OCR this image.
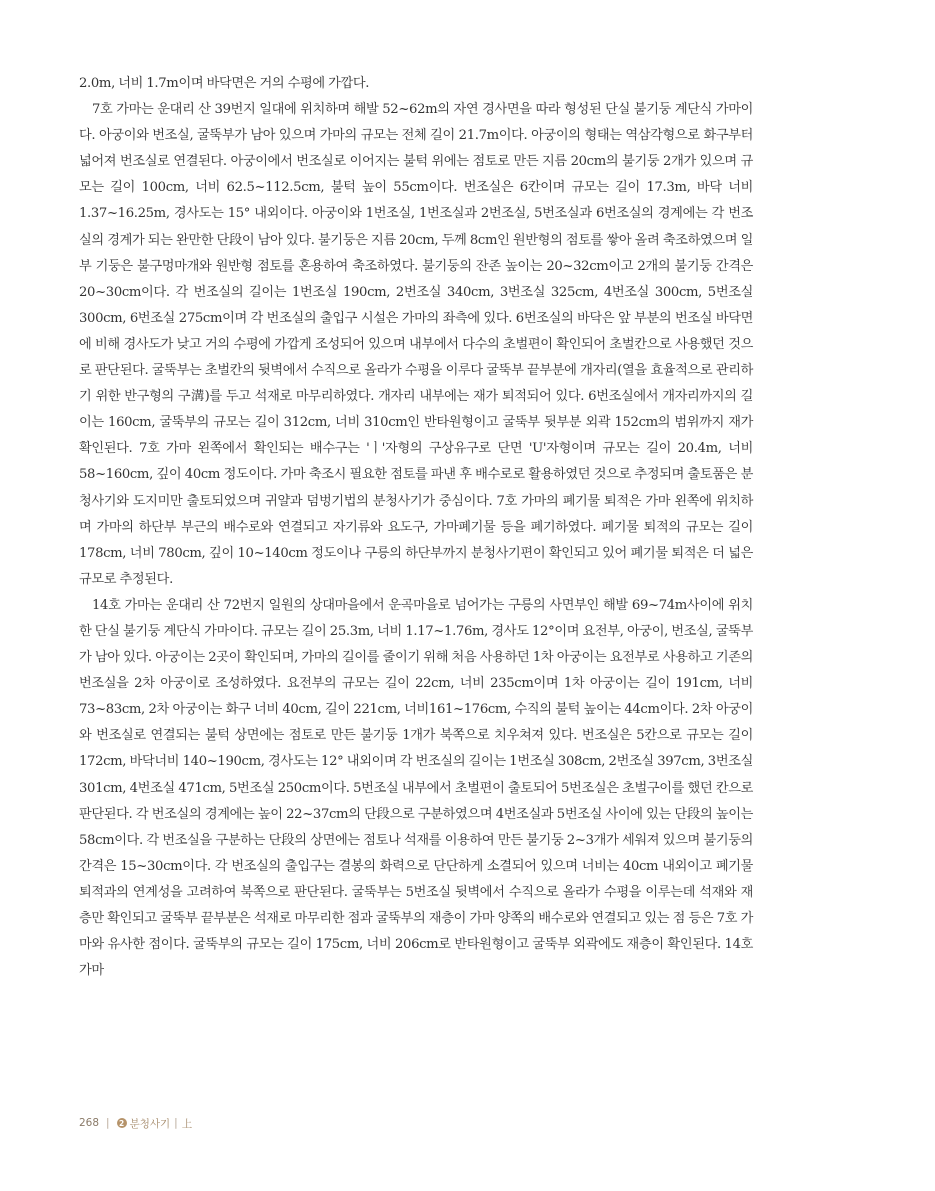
2.0m, 너비 1.7m이며 바닥면은 거의 수평에 가깝다.

7호 가마는 운대리 산 39번지 일대에 위치하며 해발 52~62m의 자연 경사면을 따라 형성된 단실 불기둥 계단식 가마이다. 아궁이와 번조실, 굴뚝부가 남아 있으며 가마의 규모는 전체 길이 21.7m이다. 아궁이의 형태는 역삼각형으로 화구부터 넓어져 번조실로 연결된다. 아궁이에서 번조실로 이어지는 불턱 위에는 점토로 만든 지름 20cm의 불기둥 2개가 있으며 규모는 길이 100cm, 너비 62.5~112.5cm, 불턱 높이 55cm이다. 번조실은 6칸이며 규모는 길이 17.3m, 바닥 너비 1.37~16.25m, 경사도는 15° 내외이다. 아궁이와 1번조실, 1번조실과 2번조실, 5번조실과 6번조실의 경계에는 각 번조실의 경계가 되는 완만한 단段이 남아 있다. 불기둥은 지름 20cm, 두께 8cm인 원반형의 점토를 쌓아 올려 축조하였으며 일부 기둥은 불구멍마개와 원반형 점토를 혼용하여 축조하였다. 불기둥의 잔존 높이는 20~32cm이고 2개의 불기둥 간격은 20~30cm이다. 각 번조실의 길이는 1번조실 190cm, 2번조실 340cm, 3번조실 325cm, 4번조실 300cm, 5번조실 300cm, 6번조실 275cm이며 각 번조실의 출입구 시설은 가마의 좌측에 있다. 6번조실의 바닥은 앞 부분의 번조실 바닥면에 비해 경사도가 낮고 거의 수평에 가깝게 조성되어 있으며 내부에서 다수의 초벌편이 확인되어 초벌칸으로 사용했던 것으로 판단된다. 굴뚝부는 초벌칸의 뒷벽에서 수직으로 올라가 수평을 이루다 굴뚝부 끝부분에 개자리(열을 효율적으로 관리하기 위한 반구형의 구溝)를 두고 석재로 마무리하였다. 개자리 내부에는 재가 퇴적되어 있다. 6번조실에서 개자리까지의 길이는 160cm, 굴뚝부의 규모는 길이 312cm, 너비 310cm인 반타원형이고 굴뚝부 뒷부분 외곽 152cm의 범위까지 재가 확인된다. 7호 가마 왼쪽에서 확인되는 배수구는 'ㅣ'자형의 구상유구로 단면 'U'자형이며 규모는 길이 20.4m, 너비 58~160cm, 깊이 40cm 정도이다. 가마 축조시 필요한 점토를 파낸 후 배수로로 활용하였던 것으로 추정되며 출토품은 분청사기와 도지미만 출토되었으며 귀얄과 덤벙기법의 분청사기가 중심이다. 7호 가마의 폐기물 퇴적은 가마 왼쪽에 위치하며 가마의 하단부 부근의 배수로와 연결되고 자기류와 요도구, 가마폐기물 등을 폐기하였다. 폐기물 퇴적의 규모는 길이 178cm, 너비 780cm, 깊이 10~140cm 정도이나 구릉의 하단부까지 분청사기편이 확인되고 있어 폐기물 퇴적은 더 넓은 규모로 추정된다.

14호 가마는 운대리 산 72번지 일원의 상대마을에서 운곡마을로 넘어가는 구릉의 사면부인 해발 69~74m사이에 위치한 단실 불기둥 계단식 가마이다. 규모는 길이 25.3m, 너비 1.17~1.76m, 경사도 12°이며 요전부, 아궁이, 번조실, 굴뚝부가 남아 있다. 아궁이는 2곳이 확인되며, 가마의 길이를 줄이기 위해 처음 사용하던 1차 아궁이는 요전부로 사용하고 기존의 번조실을 2차 아궁이로 조성하였다. 요전부의 규모는 길이 22cm, 너비 235cm이며 1차 아궁이는 길이 191cm, 너비 73~83cm, 2차 아궁이는 화구 너비 40cm, 길이 221cm, 너비161~176cm, 수직의 불턱 높이는 44cm이다. 2차 아궁이와 번조실로 연결되는 불턱 상면에는 점토로 만든 불기둥 1개가 북쪽으로 치우쳐져 있다. 번조실은 5칸으로 규모는 길이 172cm, 바닥너비 140~190cm, 경사도는 12° 내외이며 각 번조실의 길이는 1번조실 308cm, 2번조실 397cm, 3번조실 301cm, 4번조실 471cm, 5번조실 250cm이다. 5번조실 내부에서 초벌편이 출토되어 5번조실은 초벌구이를 했던 칸으로 판단된다. 각 번조실의 경계에는 높이 22~37cm의 단段으로 구분하였으며 4번조실과 5번조실 사이에 있는 단段의 높이는 58cm이다. 각 번조실을 구분하는 단段의 상면에는 점토나 석재를 이용하여 만든 불기둥 2~3개가 세워져 있으며 불기둥의 간격은 15~30cm이다. 각 번조실의 출입구는 결봉의 화력으로 단단하게 소결되어 있으며 너비는 40cm 내외이고 폐기물 퇴적과의 연계성을 고려하여 북쪽으로 판단된다. 굴뚝부는 5번조실 뒷벽에서 수직으로 올라가 수평을 이루는데 석재와 재층만 확인되고 굴뚝부 끝부분은 석재로 마무리한 점과 굴뚝부의 재층이 가마 양쪽의 배수로와 연결되고 있는 점 등은 7호 가마와 유사한 점이다. 굴뚝부의 규모는 길이 175cm, 너비 206cm로 반타원형이고 굴뚝부 외곽에도 재층이 확인된다. 14호 가마

268 |	2 분청사기 | 上
